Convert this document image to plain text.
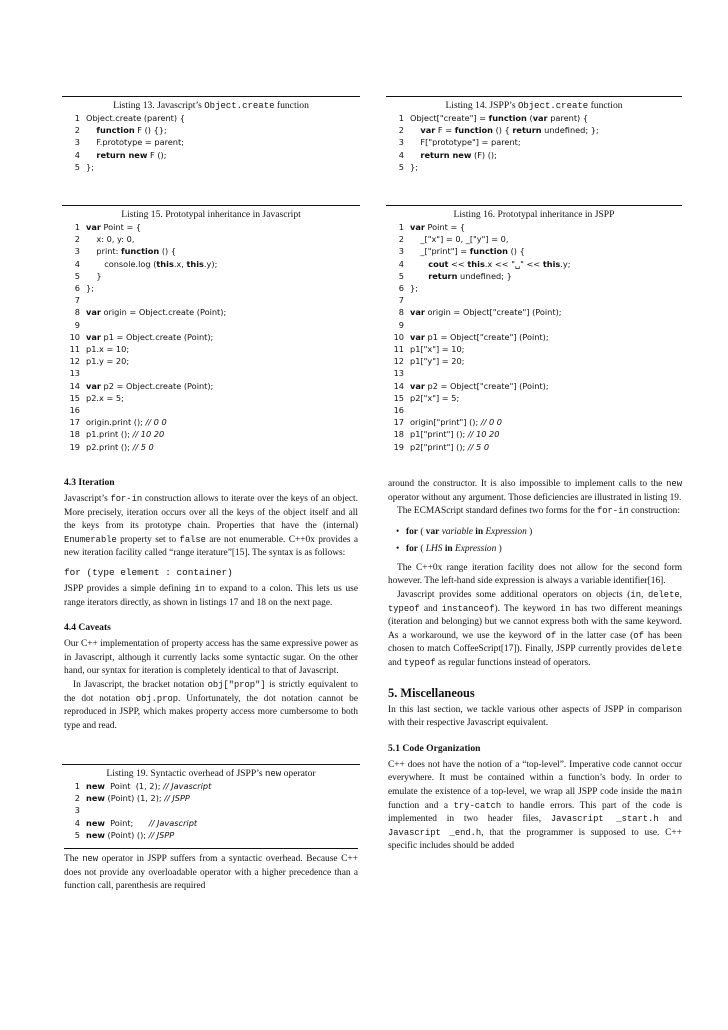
Listing 13. Javascript’s Object.create function
1 Object.create (parent) {
2 function F () {};
3    F.prototype = parent;
4 return new F ();
5 };
Listing 14. JSPP’s Object.create function
1 Object["create"] = function (var parent) {
2 var F = function () { return undefined; };
3    F["prototype"] = parent;
4 return new (F) ();
5 };
Listing 15. Prototypal inheritance in Javascript
1 var Point = {
2    x: 0, y: 0,
3    print: function () {
4       console.log (this.x, this.y);
5    }
6 };
7
8 var origin = Object.create (Point);
9
10 var p1 = Object.create (Point);
11 p1.x = 10;
12 p1.y = 20;
13
14 var p2 = Object.create (Point);
15 p2.x = 5;
16
17 origin.print (); // 0 0
18 p1.print (); // 10 20
19 p2.print (); // 5 0
Listing 16. Prototypal inheritance in JSPP
1 var Point = {
2    _["x"] = 0, _["y"] = 0,
3    _["print"] = function () {
4	cout << this.x << "␣" << this.y;
5	return undefined; }
6 };
7
8 var origin = Object["create"] (Point);
9
10 var p1 = Object["create"] (Point);
11 p1["x"] = 10;
12 p1["y"] = 20;
13
14 var p2 = Object["create"] (Point);
15 p2["x"] = 5;
16
17 origin["print"] (); // 0 0
18 p1["print"] (); // 10 20
19 p2["print"] (); // 5 0
4.3 Iteration

Javascript’s for-in construction allows to iterate over the keys of an object. More precisely, iteration occurs over all the keys of the object itself and all the keys from its prototype chain. Properties that have the (internal) Enumerable property set to false are not enumerable. C++0x provides a new iteration facility called “range iterature”[15]. The syntax is as follows:

for (type element : container)

JSPP provides a simple defining in to expand to a colon. This lets us use range iterators directly, as shown in listings 17 and 18 on the next page.

4.4 Caveats

Our C++ implementation of property access has the same expressive power as in Javascript, although it currently lacks some syntactic sugar. On the other hand, our syntax for iteration is completely identical to that of Javascript.

In Javascript, the bracket notation obj["prop"] is strictly equivalent to the dot notation obj.prop. Unfortunately, the dot notation cannot be reproduced in JSPP, which makes property access more cumbersome to both type and read.

Listing 19. Syntactic overhead of JSPP’s new operator
1 new  Point  (1, 2); // Javascript
2 new (Point) (1, 2); // JSPP
3
4 new  Point;      // Javascript
5 new (Point) (); // JSPP

The new operator in JSPP suffers from a syntactic overhead. Because C++ does not provide any overloadable operator with a higher precedence than a function call, parenthesis are required

around the constructor. It is also impossible to implement calls to the new operator without any argument. Those deficiencies are illustrated in listing 19.

The ECMAScript standard defines two forms for the for-in construction:

• for ( var variable in Expression )
• for ( LHS in Expression )

The C++0x range iteration facility does not allow for the second form however. The left-hand side expression is always a variable identifier[16].

Javascript provides some additional operators on objects (in, delete, typeof and instanceof). The keyword in has two different meanings (iteration and belonging) but we cannot express both with the same keyword. As a workaround, we use the keyword of in the latter case (of has been chosen to match CoffeeScript[17]). Finally, JSPP currently provides delete and typeof as regular functions instead of operators.

5. Miscellaneous

In this last section, we tackle various other aspects of JSPP in comparison with their respective Javascript equivalent.

5.1 Code Organization

C++ does not have the notion of a “top-level”. Imperative code cannot occur everywhere. It must be contained within a function’s body. In order to emulate the existence of a top-level, we wrap all JSPP code inside the main function and a try-catch to handle errors. This part of the code is implemented in two header files, Javascript _start.h and Javascript _end.h, that the programmer is supposed to use. C++ specific includes should be added
